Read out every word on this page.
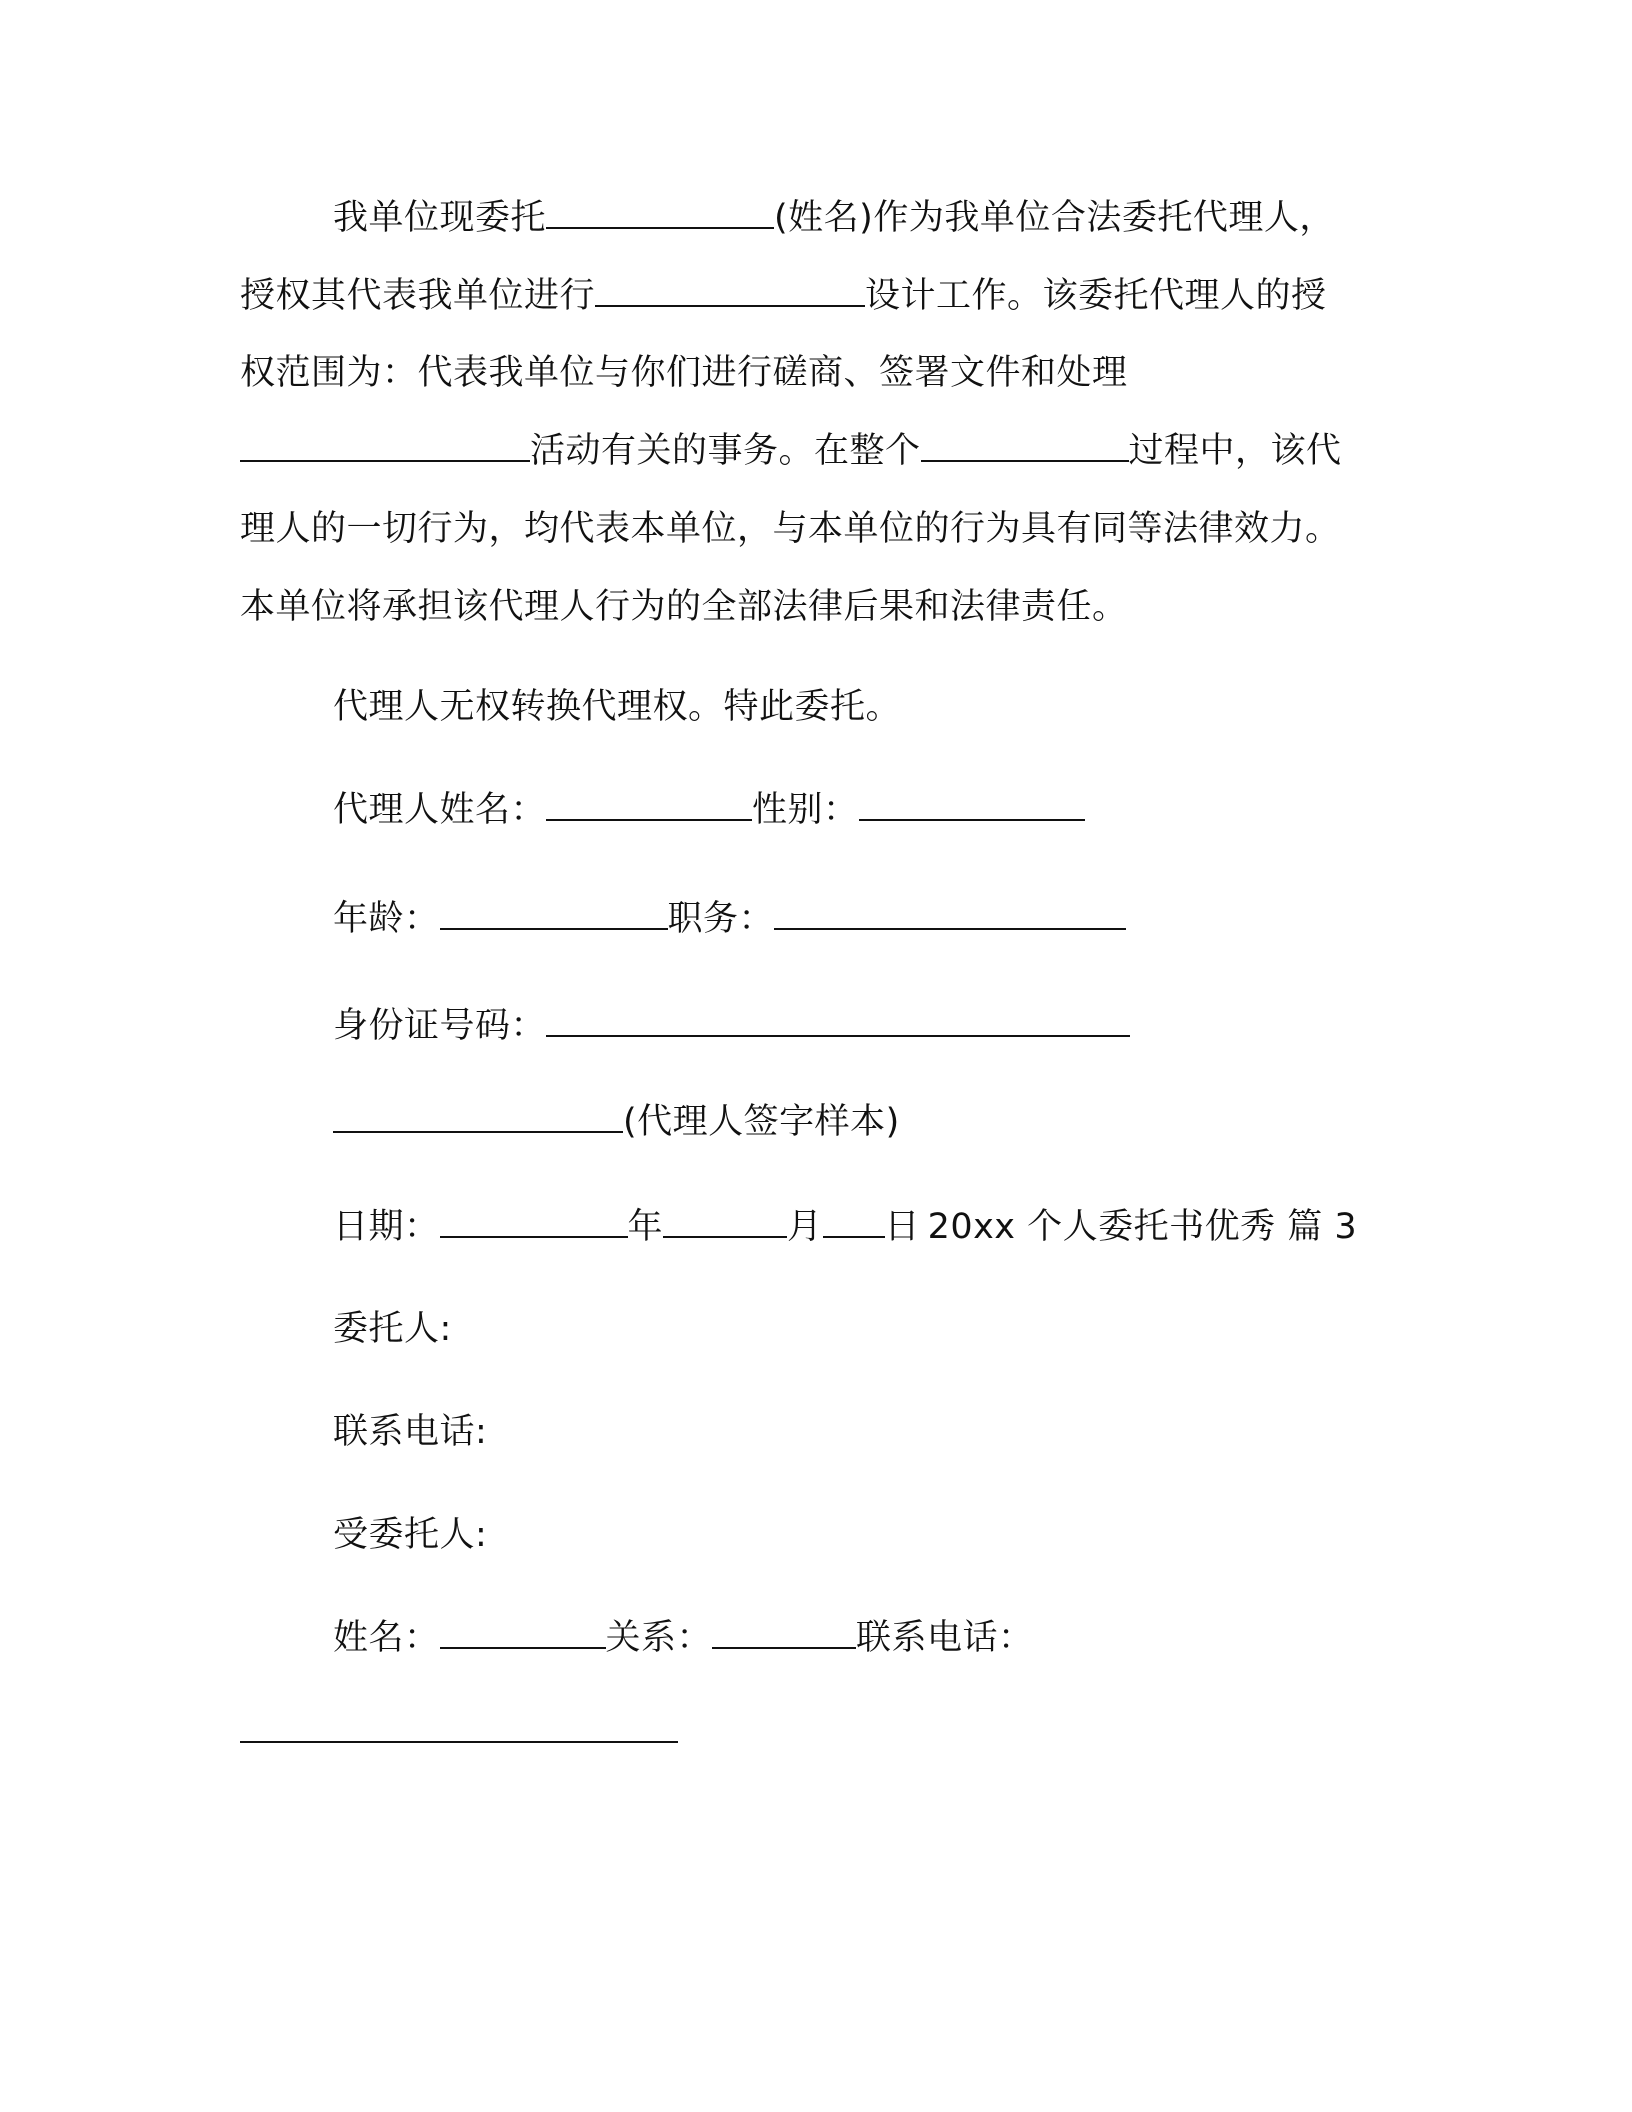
我单位现委托	(姓名)作为我单位合法委托代理人，
授权其代表我单位进行	设计工作。该委托代理人的授
权范围为：代表我单位与你们进行磋商、签署文件和处理
活动有关的事务。在整个	过程中，该代
理人的一切行为，均代表本单位，与本单位的行为具有同等法律效力。
本单位将承担该代理人行为的全部法律后果和法律责任。
代理人无权转换代理权。特此委托。
代理人姓名：	性别：
年龄：	职务：
身份证号码：
(代理人签字样本)
日期：	年	月 日  20xx 个人委托书优秀 篇 3
委托人:
联系电话:
受委托人:
姓名：	关系：	联系电话：
